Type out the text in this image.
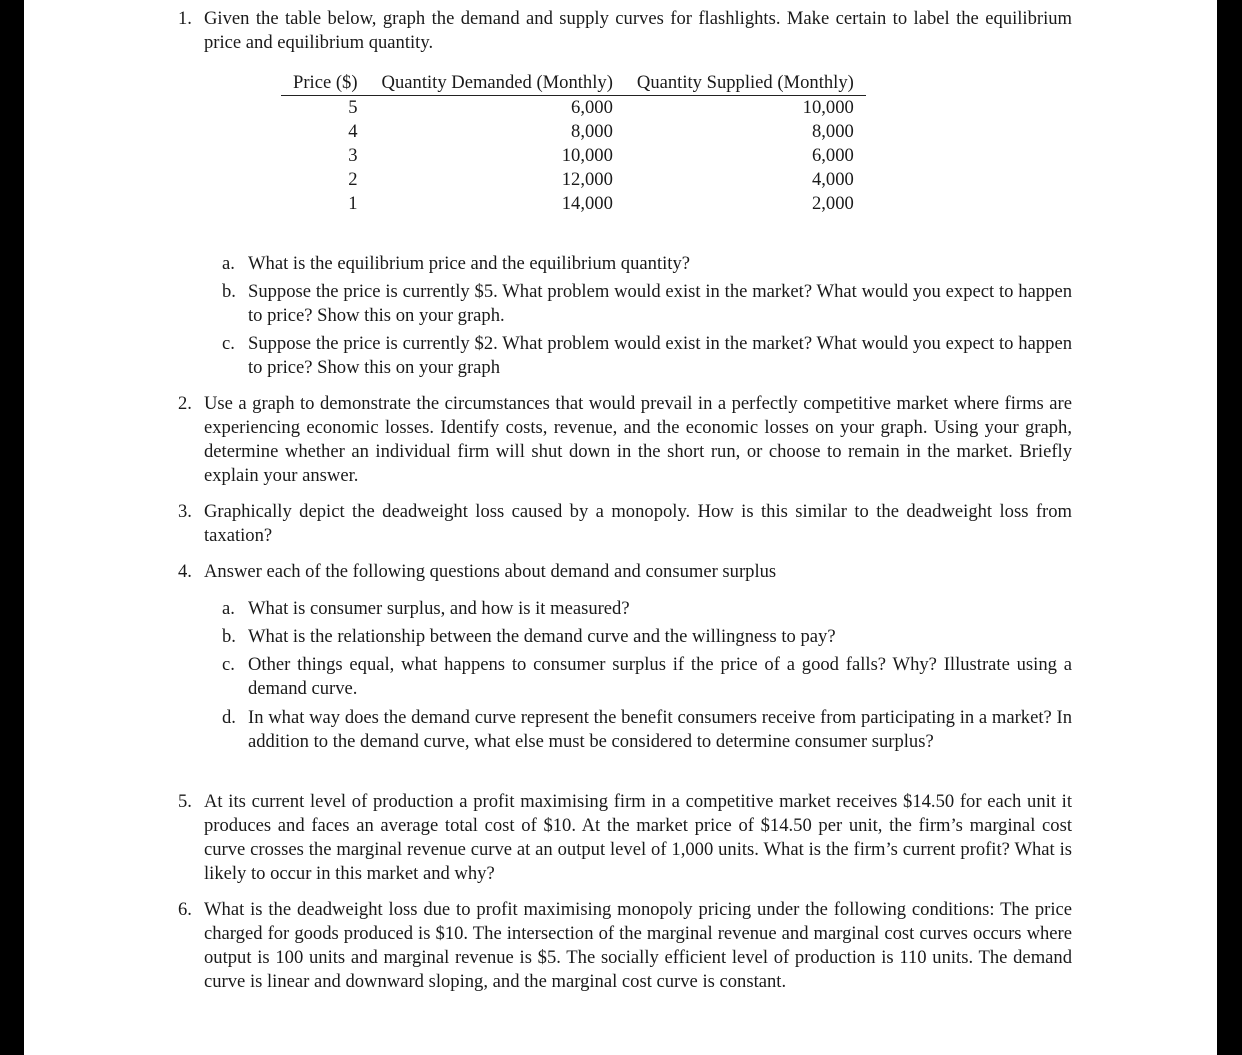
1. Given the table below, graph the demand and supply curves for flashlights. Make certain to label the equilibrium price and equilibrium quantity.
Price ($)	Quantity Demanded (Monthly)	Quantity Supplied (Monthly)
5	6,000	10,000
4	8,000	8,000
3	10,000	6,000
2	12,000	4,000
1	14,000	2,000
a. What is the equilibrium price and the equilibrium quantity?
b. Suppose the price is currently $5. What problem would exist in the market? What would you expect to happen to price? Show this on your graph.
c. Suppose the price is currently $2. What problem would exist in the market? What would you expect to happen to price? Show this on your graph
2. Use a graph to demonstrate the circumstances that would prevail in a perfectly competitive market where firms are experiencing economic losses. Identify costs, revenue, and the economic losses on your graph. Using your graph, determine whether an individual firm will shut down in the short run, or choose to remain in the market. Briefly explain your answer.
3. Graphically depict the deadweight loss caused by a monopoly. How is this similar to the deadweight loss from taxation?
4. Answer each of the following questions about demand and consumer surplus
a. What is consumer surplus, and how is it measured?
b. What is the relationship between the demand curve and the willingness to pay?
c. Other things equal, what happens to consumer surplus if the price of a good falls? Why? Illustrate using a demand curve.
d. In what way does the demand curve represent the benefit consumers receive from participating in a market? In addition to the demand curve, what else must be considered to determine consumer surplus?
5. At its current level of production a profit maximising firm in a competitive market receives $14.50 for each unit it produces and faces an average total cost of $10. At the market price of $14.50 per unit, the firm’s marginal cost curve crosses the marginal revenue curve at an output level of 1,000 units. What is the firm’s current profit? What is likely to occur in this market and why?
6. What is the deadweight loss due to profit maximising monopoly pricing under the following conditions: The price charged for goods produced is $10. The intersection of the marginal revenue and marginal cost curves occurs where output is 100 units and marginal revenue is $5. The socially efficient level of production is 110 units. The demand curve is linear and downward sloping, and the marginal cost curve is constant.
